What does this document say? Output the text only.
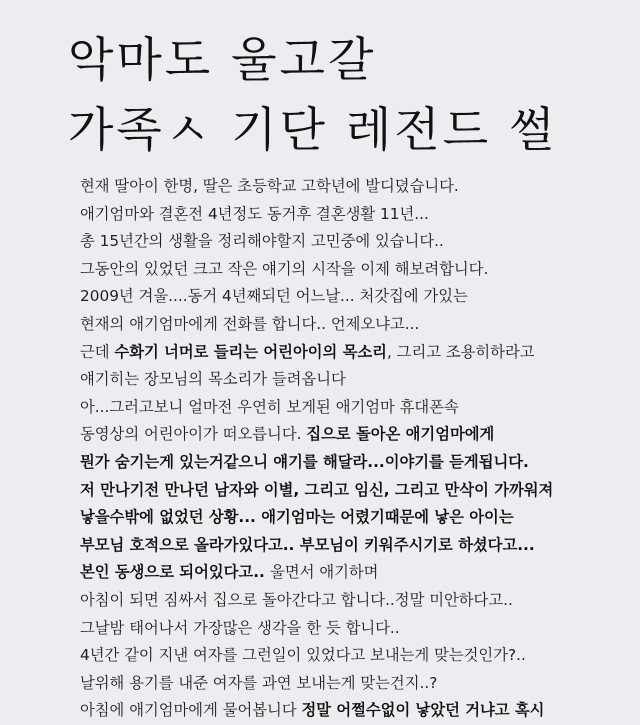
악마도 울고갈
가족ㅅ 기단 레전드 썰
현재 딸아이 한명, 딸은 초등학교 고학년에 발디뎠습니다.
애기엄마와 결혼전 4년정도 동거후 결혼생활 11년...
총 15년간의 생활을 정리해야할지 고민중에 있습니다..
그동안의 있었던 크고 작은 얘기의 시작을 이제 해보려합니다.
2009년 겨울....동거 4년째되던 어느날... 처갓집에 가있는
현재의 애기엄마에게 전화를 합니다.. 언제오냐고...
근데 수화기 너머로 들리는 어린아이의 목소리, 그리고 조용히하라고
얘기히는 장모님의 목소리가 들려옵니다
아...그러고보니 얼마전 우연히 보게된 애기엄마 휴대폰속
동영상의 어린아이가 떠오릅니다. 집으로 돌아온 애기엄마에게
뭔가 숨기는게 있는거같으니 얘기를 해달라...이야기를 듣게됩니다.
저 만나기전 만나던 남자와 이별, 그리고 임신, 그리고 만삭이 가까워져
낳을수밖에 없었던 상황... 애기엄마는 어렸기때문에 낳은 아이는
부모님 호적으로 올라가있다고.. 부모님이 키워주시기로 하셨다고...
본인 동생으로 되어있다고.. 울면서 애기하며
아침이 되면 짐싸서 집으로 돌아간다고 합니다..정말 미안하다고..
그날밤 태어나서 가장많은 생각을 한 듯 합니다..
4년간 같이 지낸 여자를 그런일이 있었다고 보내는게 맞는것인가?..
날위해 용기를 내준 여자를 과연 보내는게 맞는건지..?
아침에 애기엄마에게 물어봅니다 정말 어쩔수없이 낳았던 거냐고 혹시
